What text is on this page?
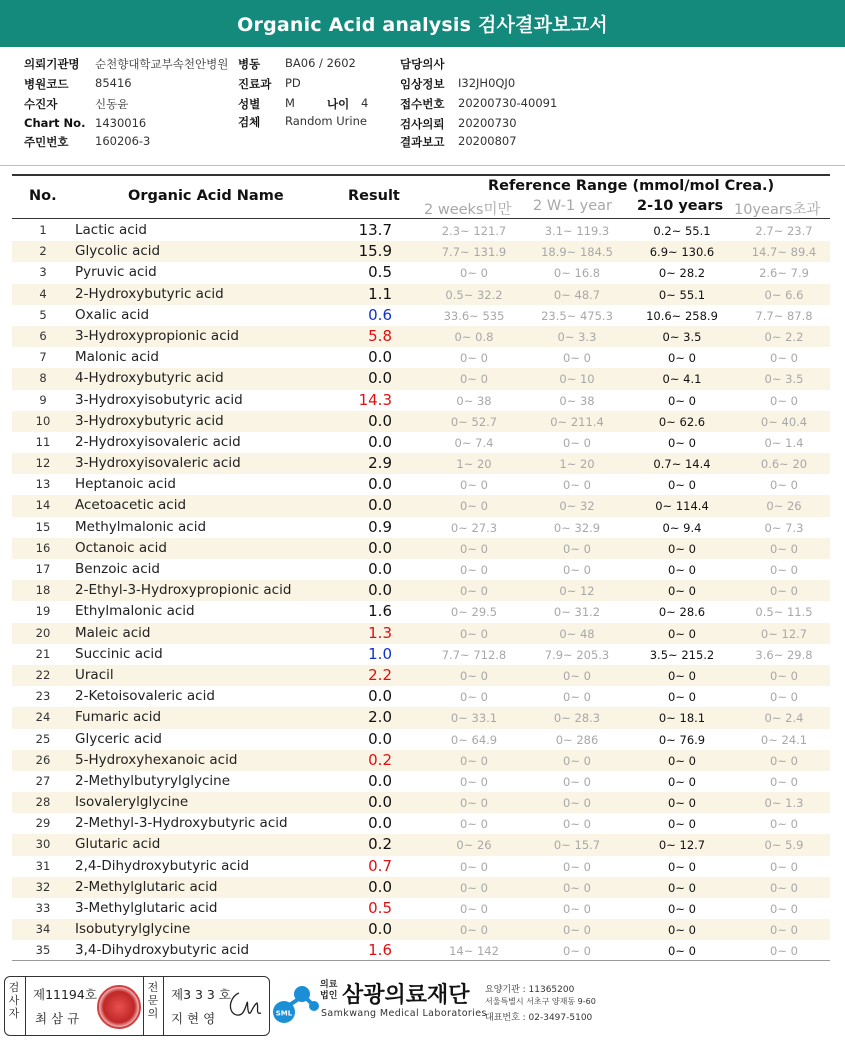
Organic Acid analysis 검사결과보고서
의뢰기관명 순천향대학교부속천안병원 병동 BA06 / 2602	담당의사
병원코드 85416	진료과 PD	임상정보 I32JH0QJ0
수진자	신동윤	성별 M	나이 4	접수번호 20200730-40091
Chart No. 1430016	검체 Random Urine	검사의뢰 20200730
주민번호 160206-3	결과보고 20200807
No.	Organic Acid Name	Result
Reference Range (mmol/mol Crea.)
2 weeks미만 2 W-1 year 2-10 years 10years초과
1	Lactic acid	13.7	2.3~ 121.7	3.1~ 119.3	0.2~ 55.1	2.7~ 23.7
2	Glycolic acid	15.9	7.7~ 131.9	18.9~ 184.5	6.9~ 130.6	14.7~ 89.4
3	Pyruvic acid	0.5	0~ 0	0~ 16.8	0~ 28.2	2.6~ 7.9
4	2-Hydroxybutyric acid	1.1	0.5~ 32.2	0~ 48.7	0~ 55.1	0~ 6.6
5	Oxalic acid	0.6	33.6~ 535	23.5~ 475.3	10.6~ 258.9	7.7~ 87.8
6	3-Hydroxypropionic acid	5.8	0~ 0.8	0~ 3.3	0~ 3.5	0~ 2.2
7	Malonic acid	0.0	0~ 0	0~ 0	0~ 0	0~ 0
8	4-Hydroxybutyric acid	0.0	0~ 0	0~ 10	0~ 4.1	0~ 3.5
9	3-Hydroxyisobutyric acid	14.3	0~ 38	0~ 38	0~ 0	0~ 0
10	3-Hydroxybutyric acid	0.0	0~ 52.7	0~ 211.4	0~ 62.6	0~ 40.4
11	2-Hydroxyisovaleric acid	0.0	0~ 7.4	0~ 0	0~ 0	0~ 1.4
12	3-Hydroxyisovaleric acid	2.9	1~ 20	1~ 20	0.7~ 14.4	0.6~ 20
13	Heptanoic acid	0.0	0~ 0	0~ 0	0~ 0	0~ 0
14	Acetoacetic acid	0.0	0~ 0	0~ 32	0~ 114.4	0~ 26
15	Methylmalonic acid	0.9	0~ 27.3	0~ 32.9	0~ 9.4	0~ 7.3
16	Octanoic acid	0.0	0~ 0	0~ 0	0~ 0	0~ 0
17	Benzoic acid	0.0	0~ 0	0~ 0	0~ 0	0~ 0
18	2-Ethyl-3-Hydroxypropionic acid	0.0	0~ 0	0~ 12	0~ 0	0~ 0
19	Ethylmalonic acid	1.6	0~ 29.5	0~ 31.2	0~ 28.6	0.5~ 11.5
20	Maleic acid	1.3	0~ 0	0~ 48	0~ 0	0~ 12.7
21	Succinic acid	1.0	7.7~ 712.8	7.9~ 205.3	3.5~ 215.2	3.6~ 29.8
22	Uracil	2.2	0~ 0	0~ 0	0~ 0	0~ 0
23	2-Ketoisovaleric acid	0.0	0~ 0	0~ 0	0~ 0	0~ 0
24	Fumaric acid	2.0	0~ 33.1	0~ 28.3	0~ 18.1	0~ 2.4
25	Glyceric acid	0.0	0~ 64.9	0~ 286	0~ 76.9	0~ 24.1
26	5-Hydroxyhexanoic acid	0.2	0~ 0	0~ 0	0~ 0	0~ 0
27	2-Methylbutyrylglycine	0.0	0~ 0	0~ 0	0~ 0	0~ 0
28	Isovalerylglycine	0.0	0~ 0	0~ 0	0~ 0	0~ 1.3
29	2-Methyl-3-Hydroxybutyric acid	0.0	0~ 0	0~ 0	0~ 0	0~ 0
30	Glutaric acid	0.2	0~ 26	0~ 15.7	0~ 12.7	0~ 5.9
31	2,4-Dihydroxybutyric acid	0.7	0~ 0	0~ 0	0~ 0	0~ 0
32	2-Methylglutaric acid	0.0	0~ 0	0~ 0	0~ 0	0~ 0
33	3-Methylglutaric acid	0.5	0~ 0	0~ 0	0~ 0	0~ 0
34	Isobutyrylglycine	0.0	0~ 0	0~ 0	0~ 0	0~ 0
35	3,4-Dihydroxybutyric acid	1.6	14~ 142	0~ 0	0~ 0	0~ 0
검사자
제11194호
최 삼 규
전문의
제3 3 3 호
지 현 영	SML
의료
법인 삼광의료재단
Samkwang Medical Laboratories
요양기관 : 11365200
서울특별시 서초구 양재동 9-60
대표번호 : 02-3497-5100
